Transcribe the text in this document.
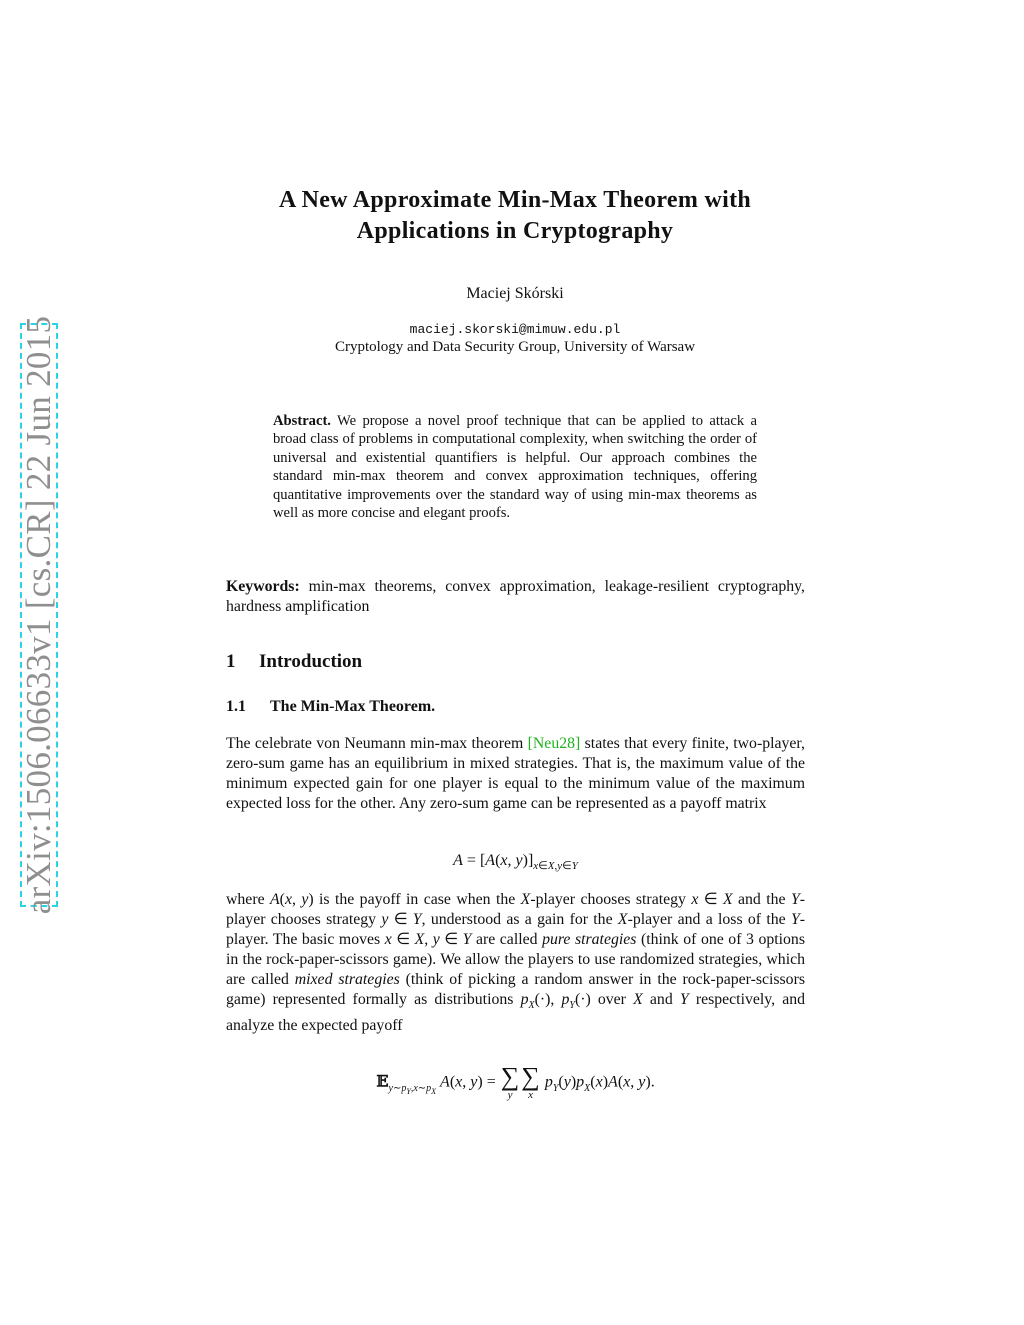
arXiv:1506.06633v1 [cs.CR] 22 Jun 2015
A New Approximate Min-Max Theorem with
Applications in Cryptography
Maciej Skórski
maciej.skorski@mimuw.edu.pl
Cryptology and Data Security Group, University of Warsaw
Abstract. We propose a novel proof technique that can be applied to attack a broad class of problems in computational complexity, when switching the order of universal and existential quantifiers is helpful. Our approach combines the standard min-max theorem and convex approximation techniques, offering quantitative improvements over the standard way of using min-max theorems as well as more concise and elegant proofs.
Keywords: min-max theorems, convex approximation, leakage-resilient cryptography, hardness amplification
1 Introduction
1.1 The Min-Max Theorem.
The celebrate von Neumann min-max theorem [Neu28] states that every finite, two-player, zero-sum game has an equilibrium in mixed strategies. That is, the maximum value of the minimum expected gain for one player is equal to the minimum value of the maximum expected loss for the other. Any zero-sum game can be represented as a payoff matrix
A = [A(x, $y)]_{x\in X,y\in Y}$
where A(x, y) is the payoff in case when the X-player chooses strategy x ∈ X and the Y-player chooses strategy y ∈ Y, understood as a gain for the X-player and a loss of the Y-player. The basic moves x ∈ X, y ∈ Y are called pure strategies (think of one of 3 options in the rock-paper-scissors game). We allow the players to use randomized strategies, which are called mixed strategies (think of picking a random answer in the rock-paper-scissors game) represented formally as distributions $p_X(\cdot)$, $p_Y(\cdot)$ over X and Y respectively, and analyze the expected payoff
𝔼$_{y\sim p_Y,x\sim p_X}$ A(x, y) = ∑
y
∑
x
$p_Y(y)p_X(x)A(x$, y).
